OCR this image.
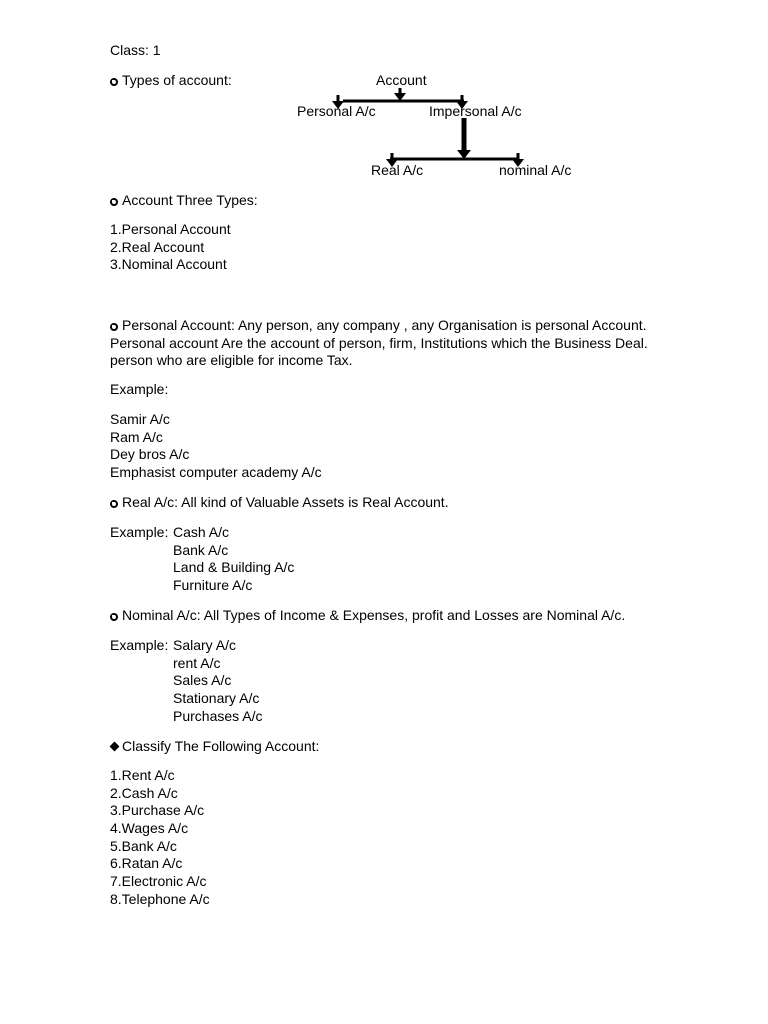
Class: 1

Types of account:	Account
Personal A/c	Impersonal A/c
Real A/c	nominal A/c

Account Three Types:

1.Personal Account
2.Real Account
3.Nominal Account
Personal Account: Any person, any company , any Organisation is personal Account.
Personal account Are the account of person, firm, Institutions which the Business Deal.
person who are eligible for income Tax.

Example:

Samir A/c
Ram A/c
Dey bros A/c
Emphasist computer academy A/c

Real A/c: All kind of Valuable Assets is Real Account.

Example: Cash A/c
Bank A/c
Land & Building A/c
Furniture A/c

Nominal A/c: All Types of Income & Expenses, profit and Losses are Nominal A/c.

Example: Salary A/c
rent A/c
Sales A/c
Stationary A/c
Purchases A/c

Classify The Following Account:

1.Rent A/c
2.Cash A/c
3.Purchase A/c
4.Wages A/c
5.Bank A/c
6.Ratan A/c
7.Electronic A/c
8.Telephone A/c
